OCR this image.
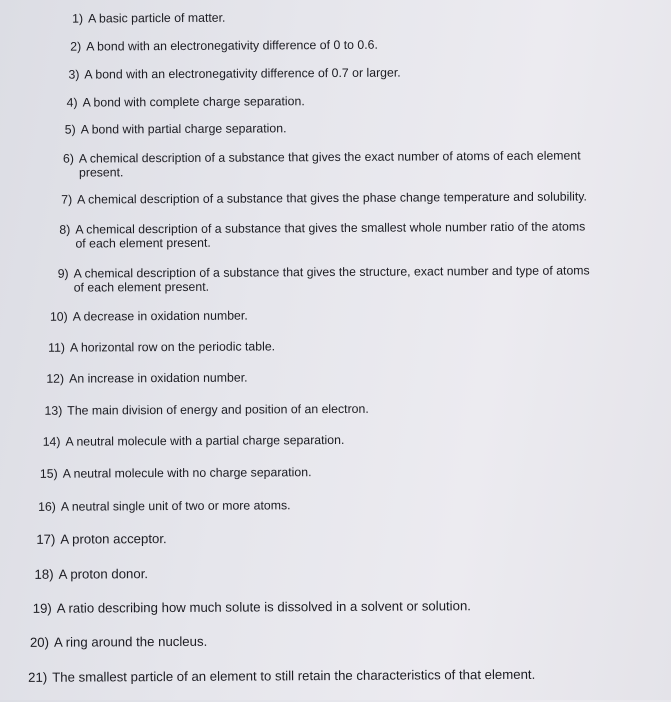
1) A basic particle of matter.
2) A bond with an electronegativity difference of 0 to 0.6.
3) A bond with an electronegativity difference of 0.7 or larger.
4) A bond with complete charge separation.
5) A bond with partial charge separation.
6) A chemical description of a substance that gives the exact number of atoms of each element
present.
7) A chemical description of a substance that gives the phase change temperature and solubility.
8) A chemical description of a substance that gives the smallest whole number ratio of the atoms
of each element present.
9) A chemical description of a substance that gives the structure, exact number and type of atoms
of each element present.
10) A decrease in oxidation number.
11) A horizontal row on the periodic table.
12) An increase in oxidation number.
13) The main division of energy and position of an electron.
14) A neutral molecule with a partial charge separation.
15) A neutral molecule with no charge separation.
16) A neutral single unit of two or more atoms.
17) A proton acceptor.
18) A proton donor.
19) A ratio describing how much solute is dissolved in a solvent or solution.
20) A ring around the nucleus.
21) The smallest particle of an element to still retain the characteristics of that element.
